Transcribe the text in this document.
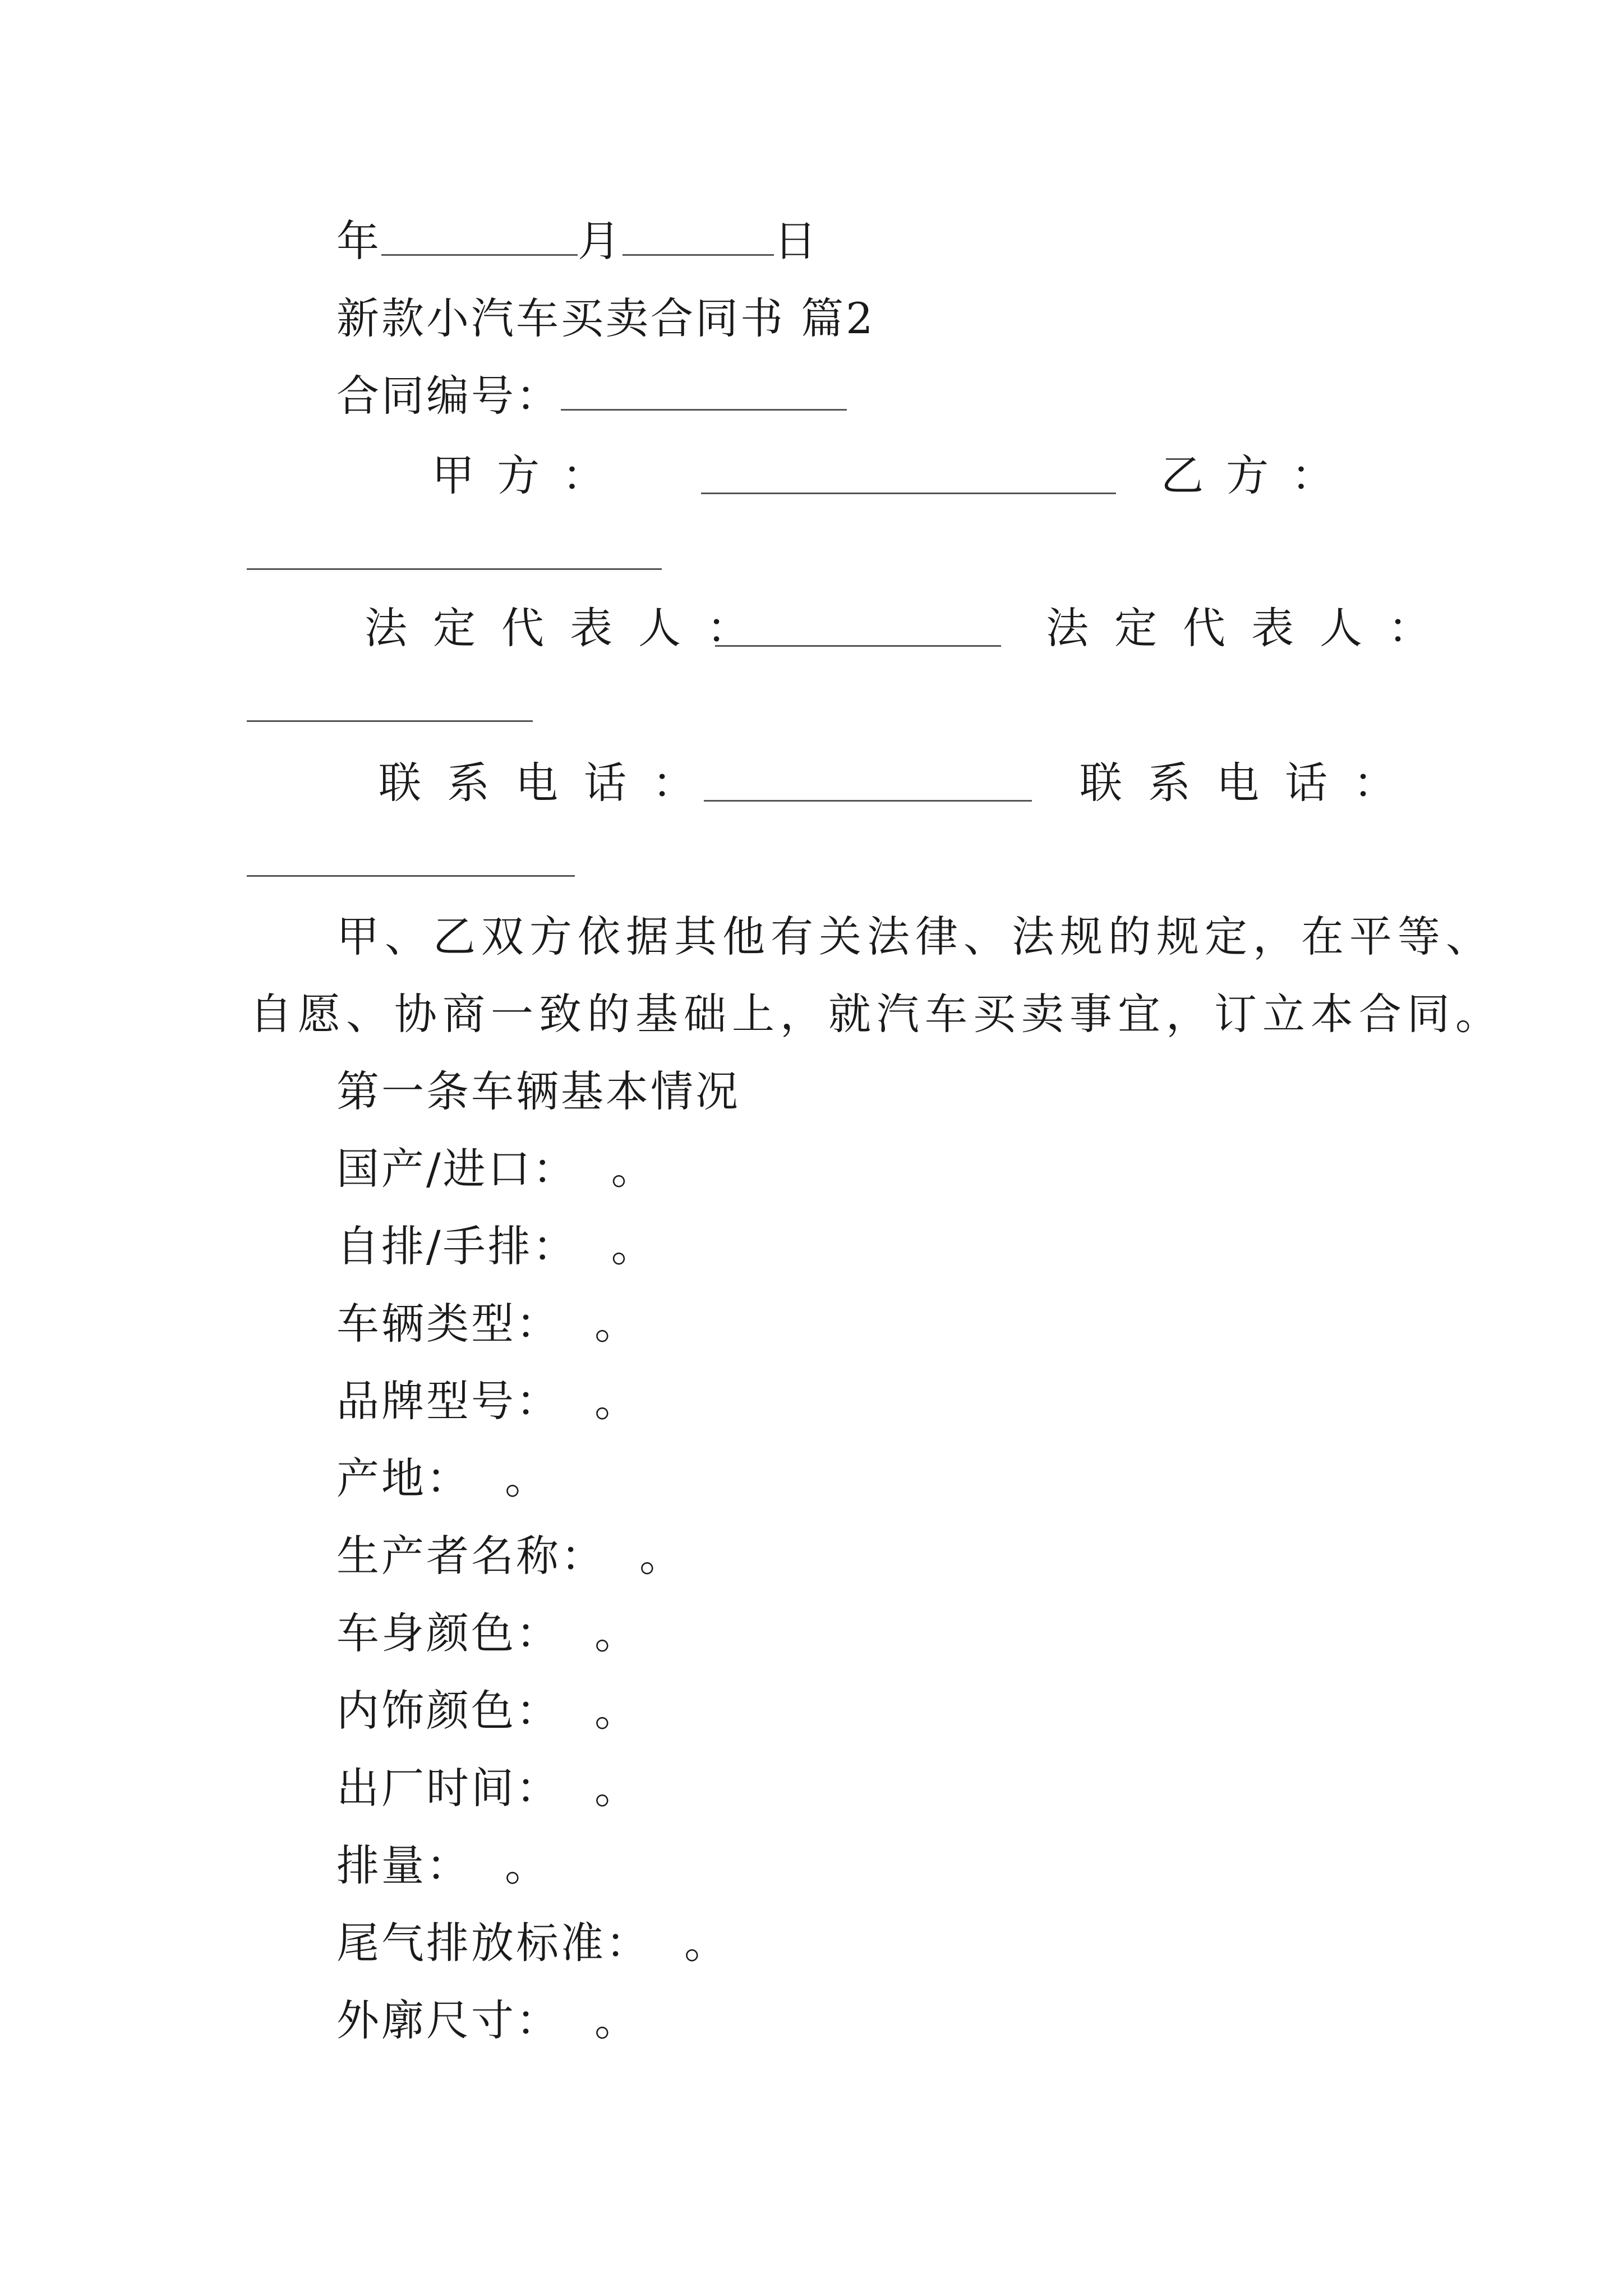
年	月	日
新款小汽车买卖合同书 篇2
合同编号：
甲 方 ：	乙 方 ：
法定代表人：	法定代表人：
联系电话：	联系电话：
甲、乙双方依据其他有关法律、法规的规定，在平等、
自愿、协商一致的基础上，就汽车买卖事宜，订立本合同。
第一条车辆基本情况
国产/进口： 。
自排/手排： 。
车辆类型： 。
品牌型号： 。
产地： 。
生产者名称： 。
车身颜色： 。
内饰颜色： 。
出厂时间： 。
排量： 。
尾气排放标准： 。
外廓尺寸： 。
